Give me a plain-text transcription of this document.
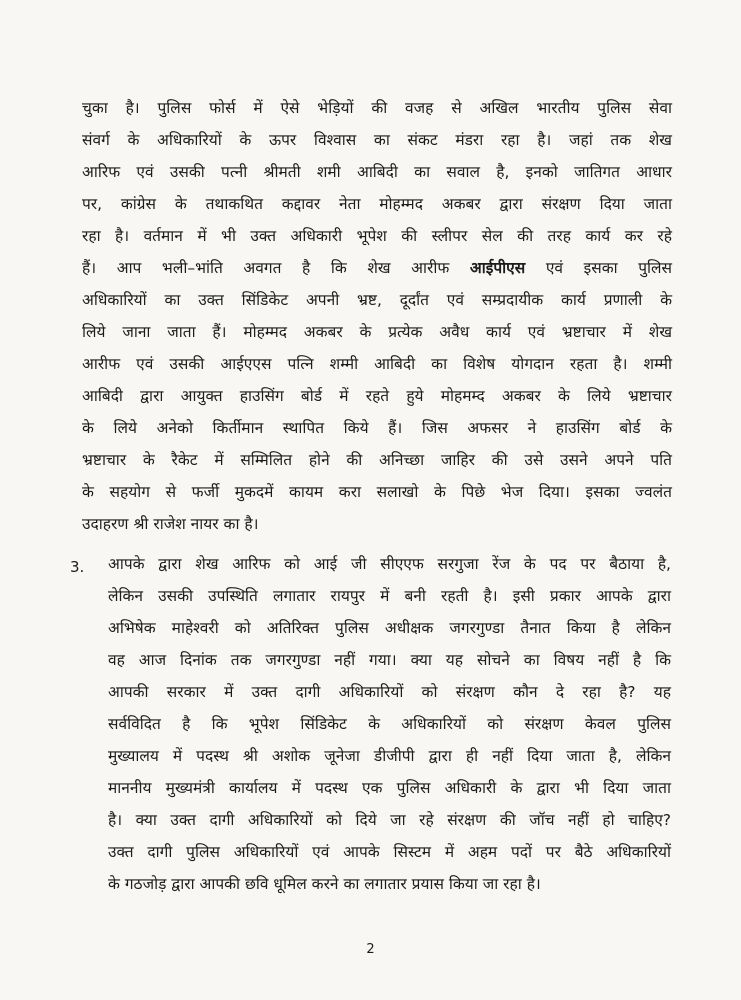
चुका है। पुलिस फोर्स में ऐसे भेड़ियों की वजह से अखिल भारतीय पुलिस सेवा
संवर्ग के अधिकारियों के ऊपर विश्वास का संकट मंडरा रहा है। जहां तक शेख
आरिफ एवं उसकी पत्नी श्रीमती शमी आबिदी का सवाल है, इनको जातिगत आधार
पर, कांग्रेस के तथाकथित कद्दावर नेता मोहम्मद अकबर द्वारा संरक्षण दिया जाता
रहा है। वर्तमान में भी उक्त अधिकारी भूपेश की स्लीपर सेल की तरह कार्य कर रहे
हैं। आप भली–भांति अवगत है कि शेख आरीफ आईपीएस एवं इसका पुलिस
अधिकारियों का उक्त सिंडिकेट अपनी भ्रष्ट, दूर्दांत एवं सम्प्रदायीक कार्य प्रणाली के
लिये जाना जाता हैं। मोहम्मद अकबर के प्रत्येक अवैध कार्य एवं भ्रष्टाचार में शेख
आरीफ एवं उसकी आईएएस पत्नि शम्मी आबिदी का विशेष योगदान रहता है। शम्मी
आबिदी द्वारा आयुक्त हाउसिंग बोर्ड में रहते हुये मोहमम्द अकबर के लिये भ्रष्टाचार
के लिये अनेको किर्तीमान स्थापित किये हैं। जिस अफसर ने हाउसिंग बोर्ड के
भ्रष्टाचार के रैकेट में सम्मिलित होने की अनिच्छा जाहिर की उसे उसने अपने पति
के सहयोग से फर्जी मुकदमें कायम करा सलाखो के पिछे भेज दिया। इसका ज्वलंत
उदाहरण श्री राजेश नायर का है।
3. आपके द्वारा शेख आरिफ को आई जी सीएएफ सरगुजा रेंज के पद पर बैठाया है,
लेकिन उसकी उपस्थिति लगातार रायपुर में बनी रहती है। इसी प्रकार आपके द्वारा
अभिषेक माहेश्वरी को अतिरिक्त पुलिस अधीक्षक जगरगुण्डा तैनात किया है लेकिन
वह आज दिनांक तक जगरगुण्डा नहीं गया। क्या यह सोचने का विषय नहीं है कि
आपकी सरकार में उक्त दागी अधिकारियों को संरक्षण कौन दे रहा है? यह
सर्वविदित है कि भूपेश सिंडिकेट के अधिकारियों को संरक्षण केवल पुलिस
मुख्यालय में पदस्थ श्री अशोक जूनेजा डीजीपी द्वारा ही नहीं दिया जाता है, लेकिन
माननीय मुख्यमंत्री कार्यालय में पदस्थ एक पुलिस अधिकारी के द्वारा भी दिया जाता
है। क्या उक्त दागी अधिकारियों को दिये जा रहे संरक्षण की जॉच नहीं हो चाहिए?
उक्त दागी पुलिस अधिकारियों एवं आपके सिस्टम में अहम पदों पर बैठे अधिकारियों
के गठजोड़ द्वारा आपकी छवि धूमिल करने का लगातार प्रयास किया जा रहा है।
2
